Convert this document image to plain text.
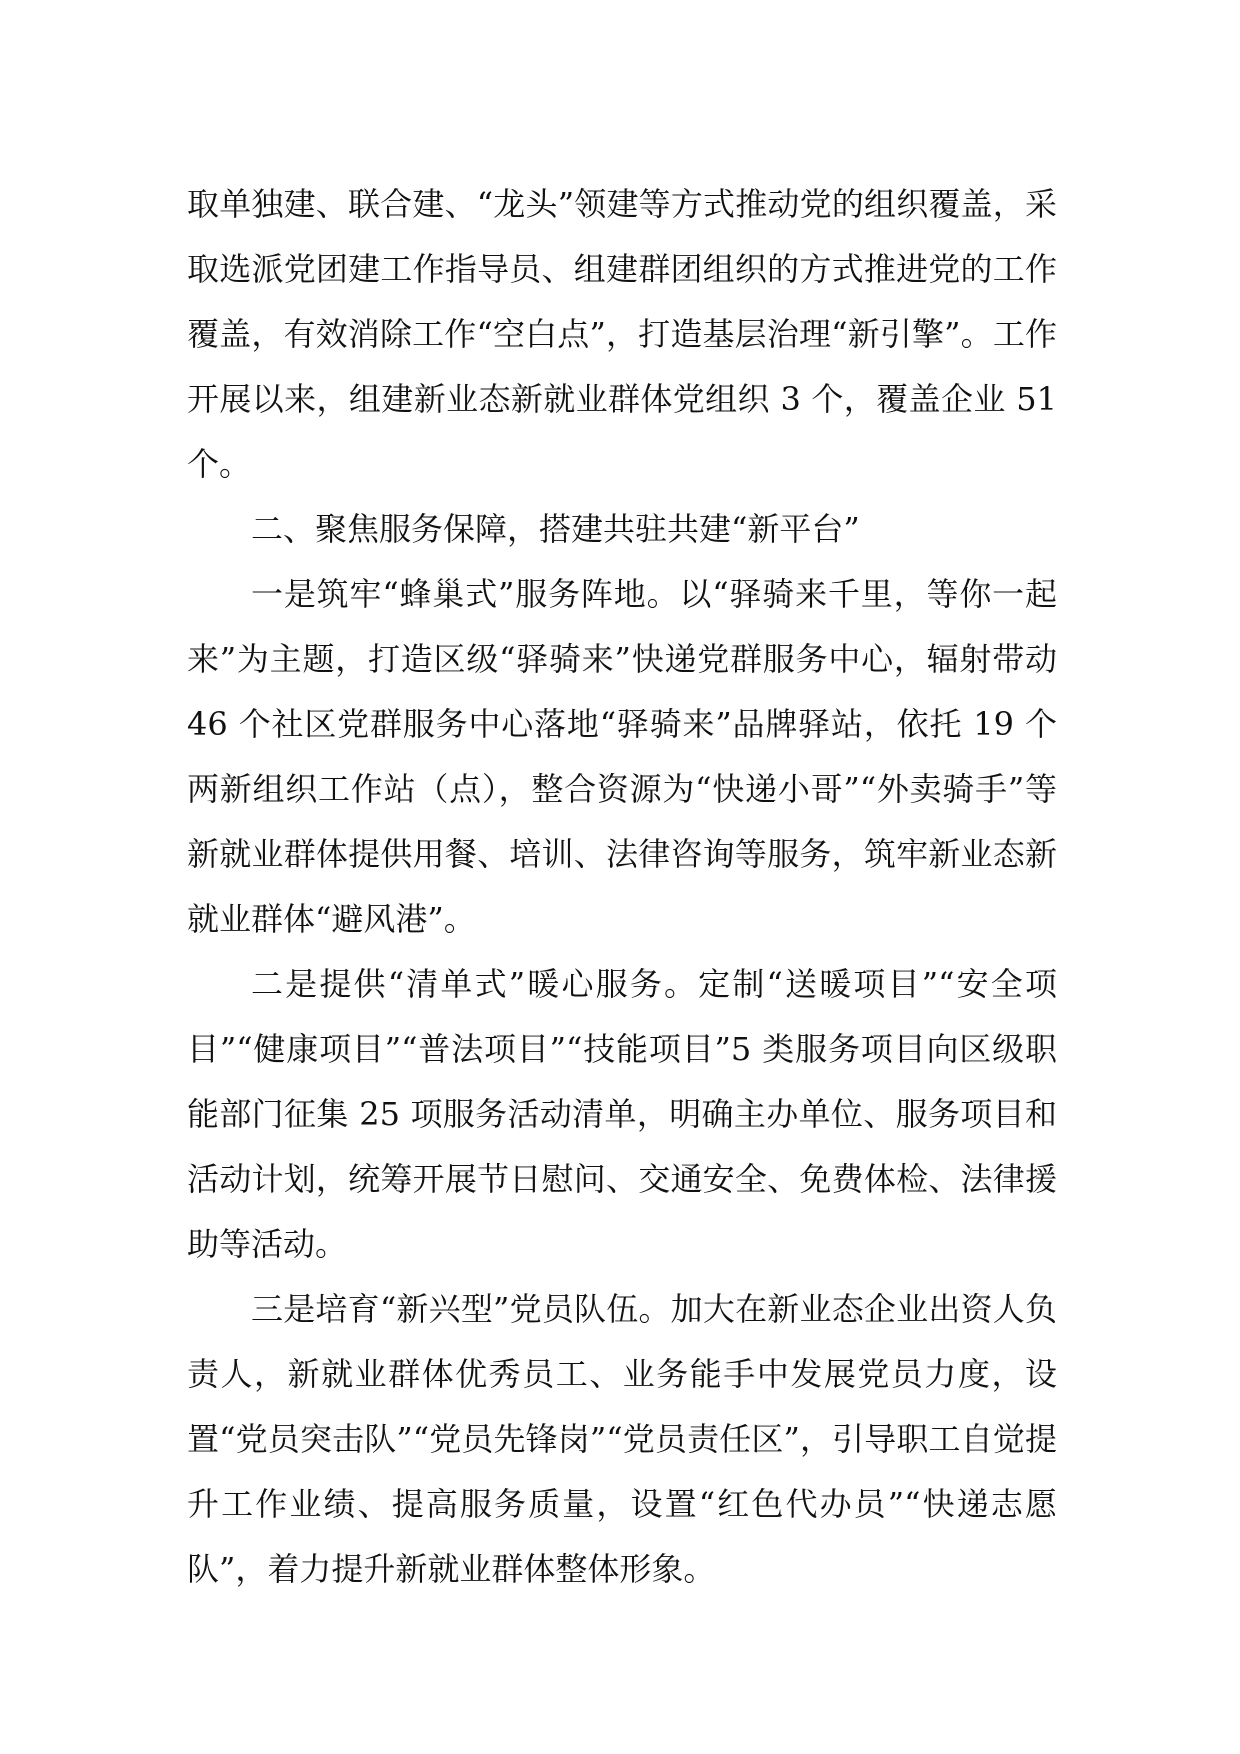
取单独建、联合建、“龙头”领建等方式推动党的组织覆盖，采取选派党团建工作指导员、组建群团组织的方式推进党的工作覆盖，有效消除工作“空白点”，打造基层治理“新引擎”。工作开展以来，组建新业态新就业群体党组织 3 个，覆盖企业 51 个。

二、聚焦服务保障，搭建共驻共建“新平台”

一是筑牢“蜂巢式”服务阵地。以“驿骑来千里，等你一起来”为主题，打造区级“驿骑来”快递党群服务中心，辐射带动 46 个社区党群服务中心落地“驿骑来”品牌驿站，依托 19 个两新组织工作站（点），整合资源为“快递小哥”“外卖骑手”等新就业群体提供用餐、培训、法律咨询等服务，筑牢新业态新就业群体“避风港”。

二是提供“清单式”暖心服务。定制“送暖项目”“安全项目”“健康项目”“普法项目”“技能项目”5 类服务项目向区级职能部门征集 25 项服务活动清单，明确主办单位、服务项目和活动计划，统筹开展节日慰问、交通安全、免费体检、法律援助等活动。

三是培育“新兴型”党员队伍。加大在新业态企业出资人负责人，新就业群体优秀员工、业务能手中发展党员力度，设置“党员突击队”“党员先锋岗”“党员责任区”，引导职工自觉提升工作业绩、提高服务质量，设置“红色代办员”“快递志愿队”，着力提升新就业群体整体形象。
